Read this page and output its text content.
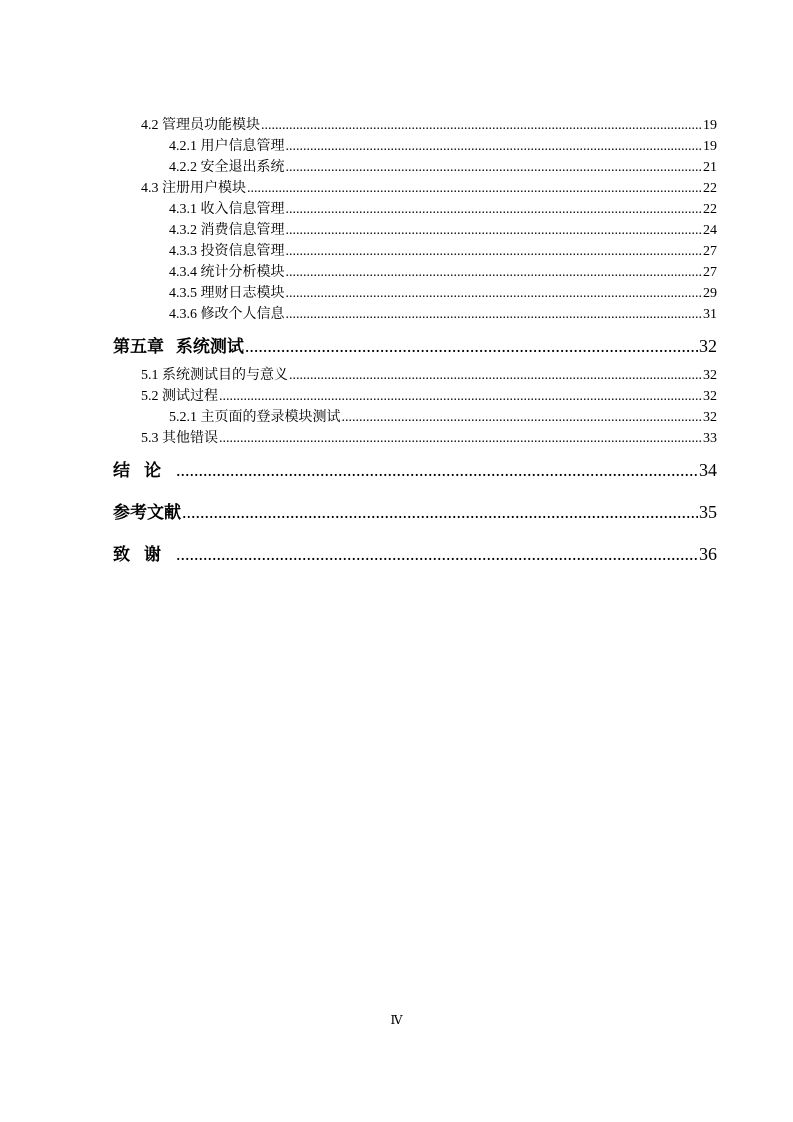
4.2 管理员功能模块 .....	19
4.2.1 用户信息管理 .....	19
4.2.2 安全退出系统 .....	21
4.3 注册用户模块 .....	22
4.3.1 收入信息管理 .....	22
4.3.2 消费信息管理 .....	24
4.3.3 投资信息管理 .....	27
4.3.4 统计分析模块 .....	27
4.3.5 理财日志模块 .....	29
4.3.6 修改个人信息 .....	31
第五章  系统测试 .....	32
5.1 系统测试目的与意义 .....	32
5.2 测试过程 .....	32
5.2.1 主页面的登录模块测试 .....	32
5.3 其他错误 .....	33
结论 .....	34
参考文献 .....	35
致谢 .....	36
Ⅳ
